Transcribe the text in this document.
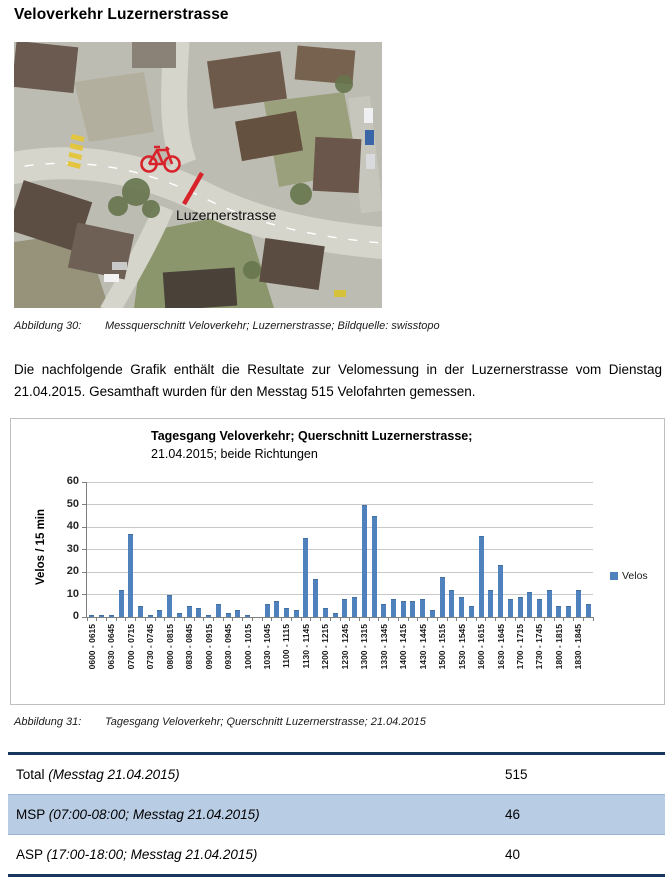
Veloverkehr Luzernerstrasse
Luzernerstrasse
Abbildung 30: Messquerschnitt Veloverkehr; Luzernerstrasse; Bildquelle: swisstopo
Die nachfolgende Grafik enthält die Resultate zur Velomessung in der Luzernerstrasse vom Dienstag 21.04.2015. Gesamthaft wurden für den Messtag 515 Velofahrten gemessen.
Tagesgang Veloverkehr; Querschnitt Luzernerstrasse;
21.04.2015; beide Richtungen
Velos / 15 min
0
10
20
30
40
50
60
0600 - 0615 0630 - 0645 0700 - 0715 0730 - 0745 0800 - 0815 0830 - 0845 0900 - 0915 0930 - 0945 1000 - 1015 1030 - 1045 1100 - 1115 1130 - 1145 1200 - 1215 1230 - 1245 1300 - 1315 1330 - 1345 1400 - 1415 1430 - 1445 1500 - 1515 1530 - 1545 1600 - 1615 1630 - 1645 1700 - 1715 1730 - 1745 1800 - 1815 1830 - 1845
Velos
Abbildung 31: Tagesgang Veloverkehr; Querschnitt Luzernerstrasse; 21.04.2015
Total (Messtag 21.04.2015)	515
MSP (07:00-08:00; Messtag 21.04.2015)	46
ASP (17:00-18:00; Messtag 21.04.2015)	40
